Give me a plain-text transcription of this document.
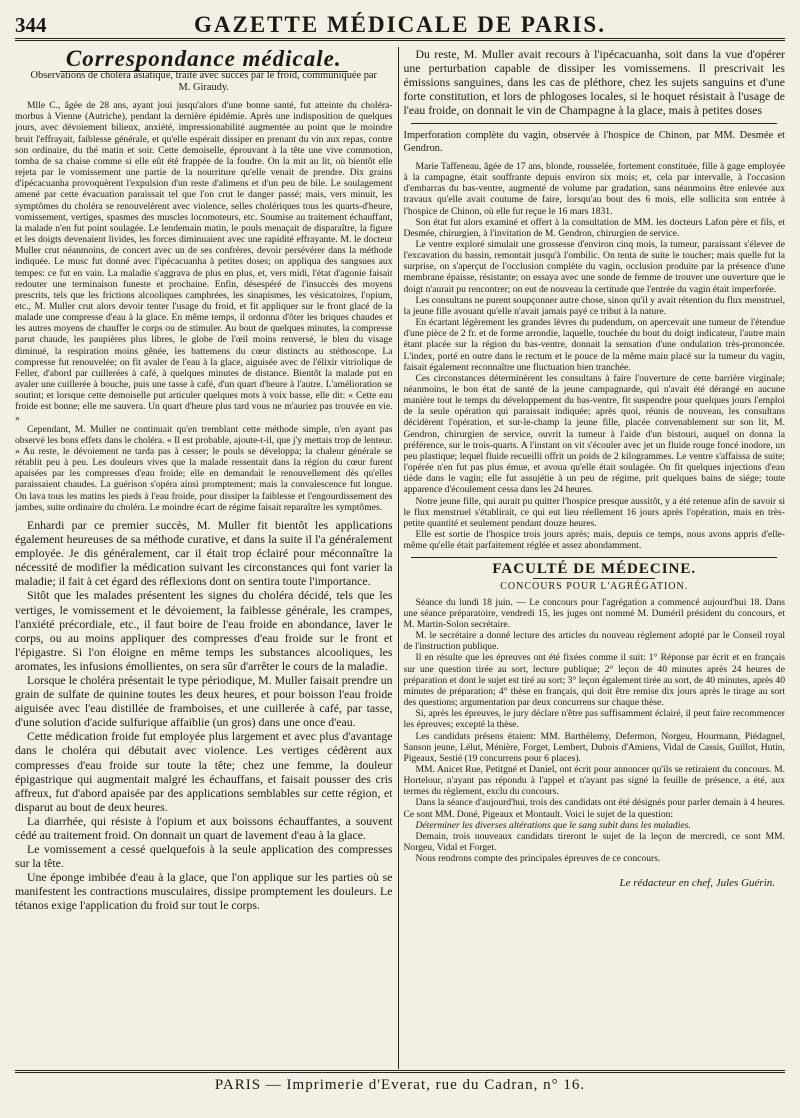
344	GAZETTE MÉDICALE DE PARIS.
Correspondance médicale.
Observations de choléra asiatique, traité avec succès par le froid, communiquée par M. Giraudy.

Mlle C., âgée de 28 ans, ayant joui jusqu'alors d'une bonne santé, fut atteinte du choléra-morbus à Vienne (Autriche), pendant la dernière épidémie. Après une indisposition de quelques jours, avec dévoiement bilieux, anxiété, impressionabilité augmentée au point que le moindre bruit l'effrayait, faiblesse générale, et qu'elle espérait dissiper en prenant du vin aux repas, contre son ordinaire, du thé matin et soir. Cette demoiselle, éprouvant à la tête une vive commotion, tomba de sa chaise comme si elle eût été frappée de la foudre. On la mit au lit, où bientôt elle rejeta par le vomissement une partie de la nourriture qu'elle venait de prendre. Dix grains d'ipécacuanha provoquèrent l'expulsion d'un reste d'alimens et d'un peu de bile. Le soulagement amené par cette évacuation paraissait tel que l'on crut le danger passé; mais, vers minuit, les symptômes du choléra se renouvelèrent avec violence, selles cholériques tous les quarts-d'heure, vomissement, vertiges, spasmes des muscles locomoteurs, etc. Soumise au traitement échauffant, la malade n'en fut point soulagée. Le lendemain matin, le pouls menaçait de disparaître, la figure et les doigts devenaient livides, les forces diminuaient avec une rapidité effrayante. M. le docteur Muller crut néanmoins, de concert avec un de ses confrères, devoir persévérer dans la méthode indiquée. Le musc fut donné avec l'ipécacuanha à petites doses; on appliqua des sangsues aux tempes: ce fut en vain. La maladie s'aggrava de plus en plus, et, vers midi, l'état d'agonie faisait redouter une terminaison funeste et prochaine. Enfin, désespéré de l'insuccès des moyens prescrits, tels que les frictions alcooliques camphrées, les sinapismes, les vésicatoires, l'opium, etc., M. Muller crut alors devoir tenter l'usage du froid, et fit appliquer sur le front glacé de la malade une compresse d'eau à la glace. En même temps, il ordonna d'ôter les briques chaudes et les autres moyens de chauffer le corps ou de stimuler. Au bout de quelques minutes, la compresse parut chaude, les paupières plus libres, le globe de l'œil moins renversé, le bleu du visage diminué, la respiration moins gênée, les battemens du cœur distincts au stéthoscope. La compresse fut renouvelée; on fit avaler de l'eau à la glace, aiguisée avec de l'élixir vitriolique de Feller, d'abord par cuillerées à café, à quelques minutes de distance. Bientôt la malade put en avaler une cuillerée à bouche, puis une tasse à café, d'un quart d'heure à l'autre. L'amélioration se soutint; et lorsque cette demoiselle put articuler quelques mots à voix basse, elle dit: « Cette eau froide est bonne; elle me sauvera. Un quart d'heure plus tard vous ne m'auriez pas trouvée en vie. »

Cependant, M. Muller ne continuait qu'en tremblant cette méthode simple, n'en ayant pas observé les bons effets dans le choléra. « Il est probable, ajoute-t-il, que j'y mettais trop de lenteur. » Au reste, le dévoiement ne tarda pas à cesser; le pouls se développa; la chaleur générale se rétablit peu à peu. Les douleurs vives que la malade ressentait dans la région du cœur furent apaisées par les compresses d'eau froide; elle en demandait le renouvellement dès qu'elles paraissaient chaudes. La guérison s'opéra ainsi promptement; mais la convalescence fut longue. On lava tous les matins les pieds à l'eau froide, pour dissiper la faiblesse et l'engourdissement des jambes, suite ordinaire du choléra. Le moindre écart de régime faisait reparaître les symptômes.

Enhardi par ce premier succès, M. Muller fit bientôt les applications également heureuses de sa méthode curative, et dans la suite il l'a généralement employée. Je dis généralement, car il était trop éclairé pour méconnaître la nécessité de modifier la médication suivant les circonstances qui font varier la maladie; il fait à cet égard des réflexions dont on sentira toute l'importance.

Sitôt que les malades présentent les signes du choléra décidé, tels que les vertiges, le vomissement et le dévoiement, la faiblesse générale, les crampes, l'anxiété précordiale, etc., il faut boire de l'eau froide en abondance, laver le corps, ou au moins appliquer des compresses d'eau froide sur le front et l'épigastre. Si l'on éloigne en même temps les substances alcooliques, les aromates, les infusions émollientes, on sera sûr d'arrêter le cours de la maladie.

Lorsque le choléra présentait le type périodique, M. Muller faisait prendre un grain de sulfate de quinine toutes les deux heures, et pour boisson l'eau froide aiguisée avec l'eau distillée de framboises, et une cuillerée à café, par tasse, d'une solution d'acide sulfurique affaiblie (un gros) dans une once d'eau.

Cette médication froide fut employée plus largement et avec plus d'avantage dans le choléra qui débutait avec violence. Les vertiges cédèrent aux compresses d'eau froide sur toute la tête; chez une femme, la douleur épigastrique qui augmentait malgré les échauffans, et faisait pousser des cris affreux, fut d'abord apaisée par des applications semblables sur cette région, et disparut au bout de deux heures.

La diarrhée, qui résiste à l'opium et aux boissons échauffantes, a souvent cédé au traitement froid. On donnait un quart de lavement d'eau à la glace.

Le vomissement a cessé quelquefois à la seule application des compresses sur la tête.

Une éponge imbibée d'eau à la glace, que l'on applique sur les parties où se manifestent les contractions musculaires, dissipe promptement les douleurs. Le tétanos exige l'application du froid sur tout le corps.

Du reste, M. Muller avait recours à l'ipécacuanha, soit dans la vue d'opérer une perturbation capable de dissiper les vomissemens. Il prescrivait les émissions sanguines, dans les cas de pléthore, chez les sujets sanguins et d'une forte constitution, et lors de phlogoses locales, si le hoquet résistait à l'usage de l'eau froide, on donnait le vin de Champagne à la glace, mais à petites doses

Imperforation complète du vagin, observée à l'hospice de Chinon, par MM. Desmée et Gendron.

Marie Taffeneau, âgée de 17 ans, blonde, rousselée, fortement constituée, fille à gage employée à la campagne, était souffrante depuis environ six mois; et, cela par intervalle, à l'occasion d'embarras du bas-ventre, augmenté de volume par gradation, sans néanmoins être enlevée aux travaux qu'elle avait coutume de faire, lorsqu'au bout des 6 mois, elle sollicita son entrée à l'hospice de Chinon, où elle fut reçue le 16 mars 1831.

Son état fut alors examiné et offert à la consultation de MM. les docteurs Lafon père et fils, et Desmée, chirurgien, à l'invitation de M. Gendron, chirurgien de service.

Le ventre exploré simulait une grossesse d'environ cinq mois, la tumeur, paraissant s'élever de l'excavation du bassin, remontait jusqu'à l'ombilic. On tenta de suite le toucher; mais quelle fut la surprise, on s'aperçut de l'occlusion complète du vagin, occlusion produite par la présence d'une membrane épaisse, résistante; on essaya avec une sonde de femme de trouver une ouverture que le doigt n'aurait pu rencontrer; on eut de nouveau la certitude que l'entrée du vagin était imperforée.

Les consultans ne purent soupçonner autre chose, sinon qu'il y avait rétention du flux menstruel, la jeune fille avouant qu'elle n'avait jamais payé ce tribut à la nature.

En écartant légèrement les grandes lèvres du pudendum, on apercevait une tumeur de l'étendue d'une pièce de 2 fr. et de forme arrondie, laquelle, touchée du bout du doigt indicateur, l'autre main étant placée sur la région du bas-ventre, donnait la sensation d'une ondulation très-prononcée. L'index, porté en outre dans le rectum et le pouce de la même main placé sur la tumeur du vagin, faisait également reconnaître une fluctuation bien tranchée.

Ces circonstances déterminèrent les consultans à faire l'ouverture de cette barrière virginale; néanmoins, le bon état de santé de la jeune campagnarde, qui n'avait été dérangé en aucune manière tout le temps du développement du bas-ventre, fit suspendre pour quelques jours l'emploi de la seule opération qui paraissait indiquée; après quoi, réunis de nouveau, les consultans décidèrent l'opération, et sur-le-champ la jeune fille, placée convenablement sur son lit, M. Gendron, chirurgien de service, ouvrit la tumeur à l'aide d'un bistouri, auquel on donna la préférence, sur le trois-quarts. A l'instant on vit s'écouler avec jet un fluide rouge foncé inodore, un peu plastique; lequel fluide recueilli offrit un poids de 2 kilogrammes. Le ventre s'affaissa de suite; l'opérée n'en fut pas plus émue, et avoua qu'elle était soulagée. On fit quelques injections d'eau tiède dans le vagin; elle fut assujétie à un peu de régime, prit quelques bains de siége; toute apparence d'écoulement cessa dans les 24 heures.

Notre jeune fille, qui aurait pu quitter l'hospice presque aussitôt, y a été retenue afin de savoir si le flux menstruel s'établirait, ce qui eut lieu réellement 16 jours après l'opération, mais en très-petite quantité et seulement pendant douze heures.

Elle est sortie de l'hospice trois jours après; mais, depuis ce temps, nous avons appris d'elle-même qu'elle était parfaitement réglée et assez abondamment.

FACULTÉ DE MÉDECINE.
CONCOURS POUR L'AGRÉGATION.

Séance du lundi 18 juin. — Le concours pour l'agrégation a commencé aujourd'hui 18. Dans une séance préparatoire, vendredi 15, les juges ont nommé M. Duméril président du concours, et M. Martin-Solon secrétaire.

M. le secrétaire a donné lecture des articles du nouveau règlement adopté par le Conseil royal de l'instruction publique.

Il en résulte que les épreuves ont été fixées comme il suit: 1° Réponse par écrit et en français sur une question tirée au sort, lecture publique; 2° leçon de 40 minutes après 24 heures de préparation et dont le sujet est tiré au sort; 3° leçon également tirée au sort, de 40 minutes, après 40 minutes de préparation; 4° thèse en français, qui doit être remise dix jours après le tirage au sort des questions; argumentation par deux concurrens sur chaque thèse.

Si, après les épreuves, le jury déclare n'être pas suffisamment éclairé, il peut faire recommencer les épreuves; excepté la thèse.

Les candidats présens étaient: MM. Barthélemy, Defermon, Norgeu, Hourmann, Piédagnel, Sanson jeune, Lélut, Ménière, Forget, Lembert, Dubois d'Amiens, Vidal de Cassis, Guillot, Hutin, Pigeaux, Sestié (19 concurrens pour 6 places).

MM. Anicet Rue, Petitgné et Daniel, ont écrit pour annoncer qu'ils se retiraient du concours. M. Hortelour, n'ayant pas répondu à l'appel et n'ayant pas signé la feuille de présence, a été, aux termes du règlement, exclu du concours.

Dans la séance d'aujourd'hui, trois des candidats ont été désignés pour parler demain à 4 heures. Ce sont MM. Doné, Pigeaux et Montault. Voici le sujet de la question:

Déterminer les diverses altérations que le sang subit dans les maladies.

Demain, trois nouveaux candidats tireront le sujet de la leçon de mercredi, ce sont MM. Norgeu, Vidal et Forget.

Nous rendrons compte des principales épreuves de ce concours.

Le rédacteur en chef, Jules Guérin.
PARIS — Imprimerie d'Everat, rue du Cadran, n° 16.
